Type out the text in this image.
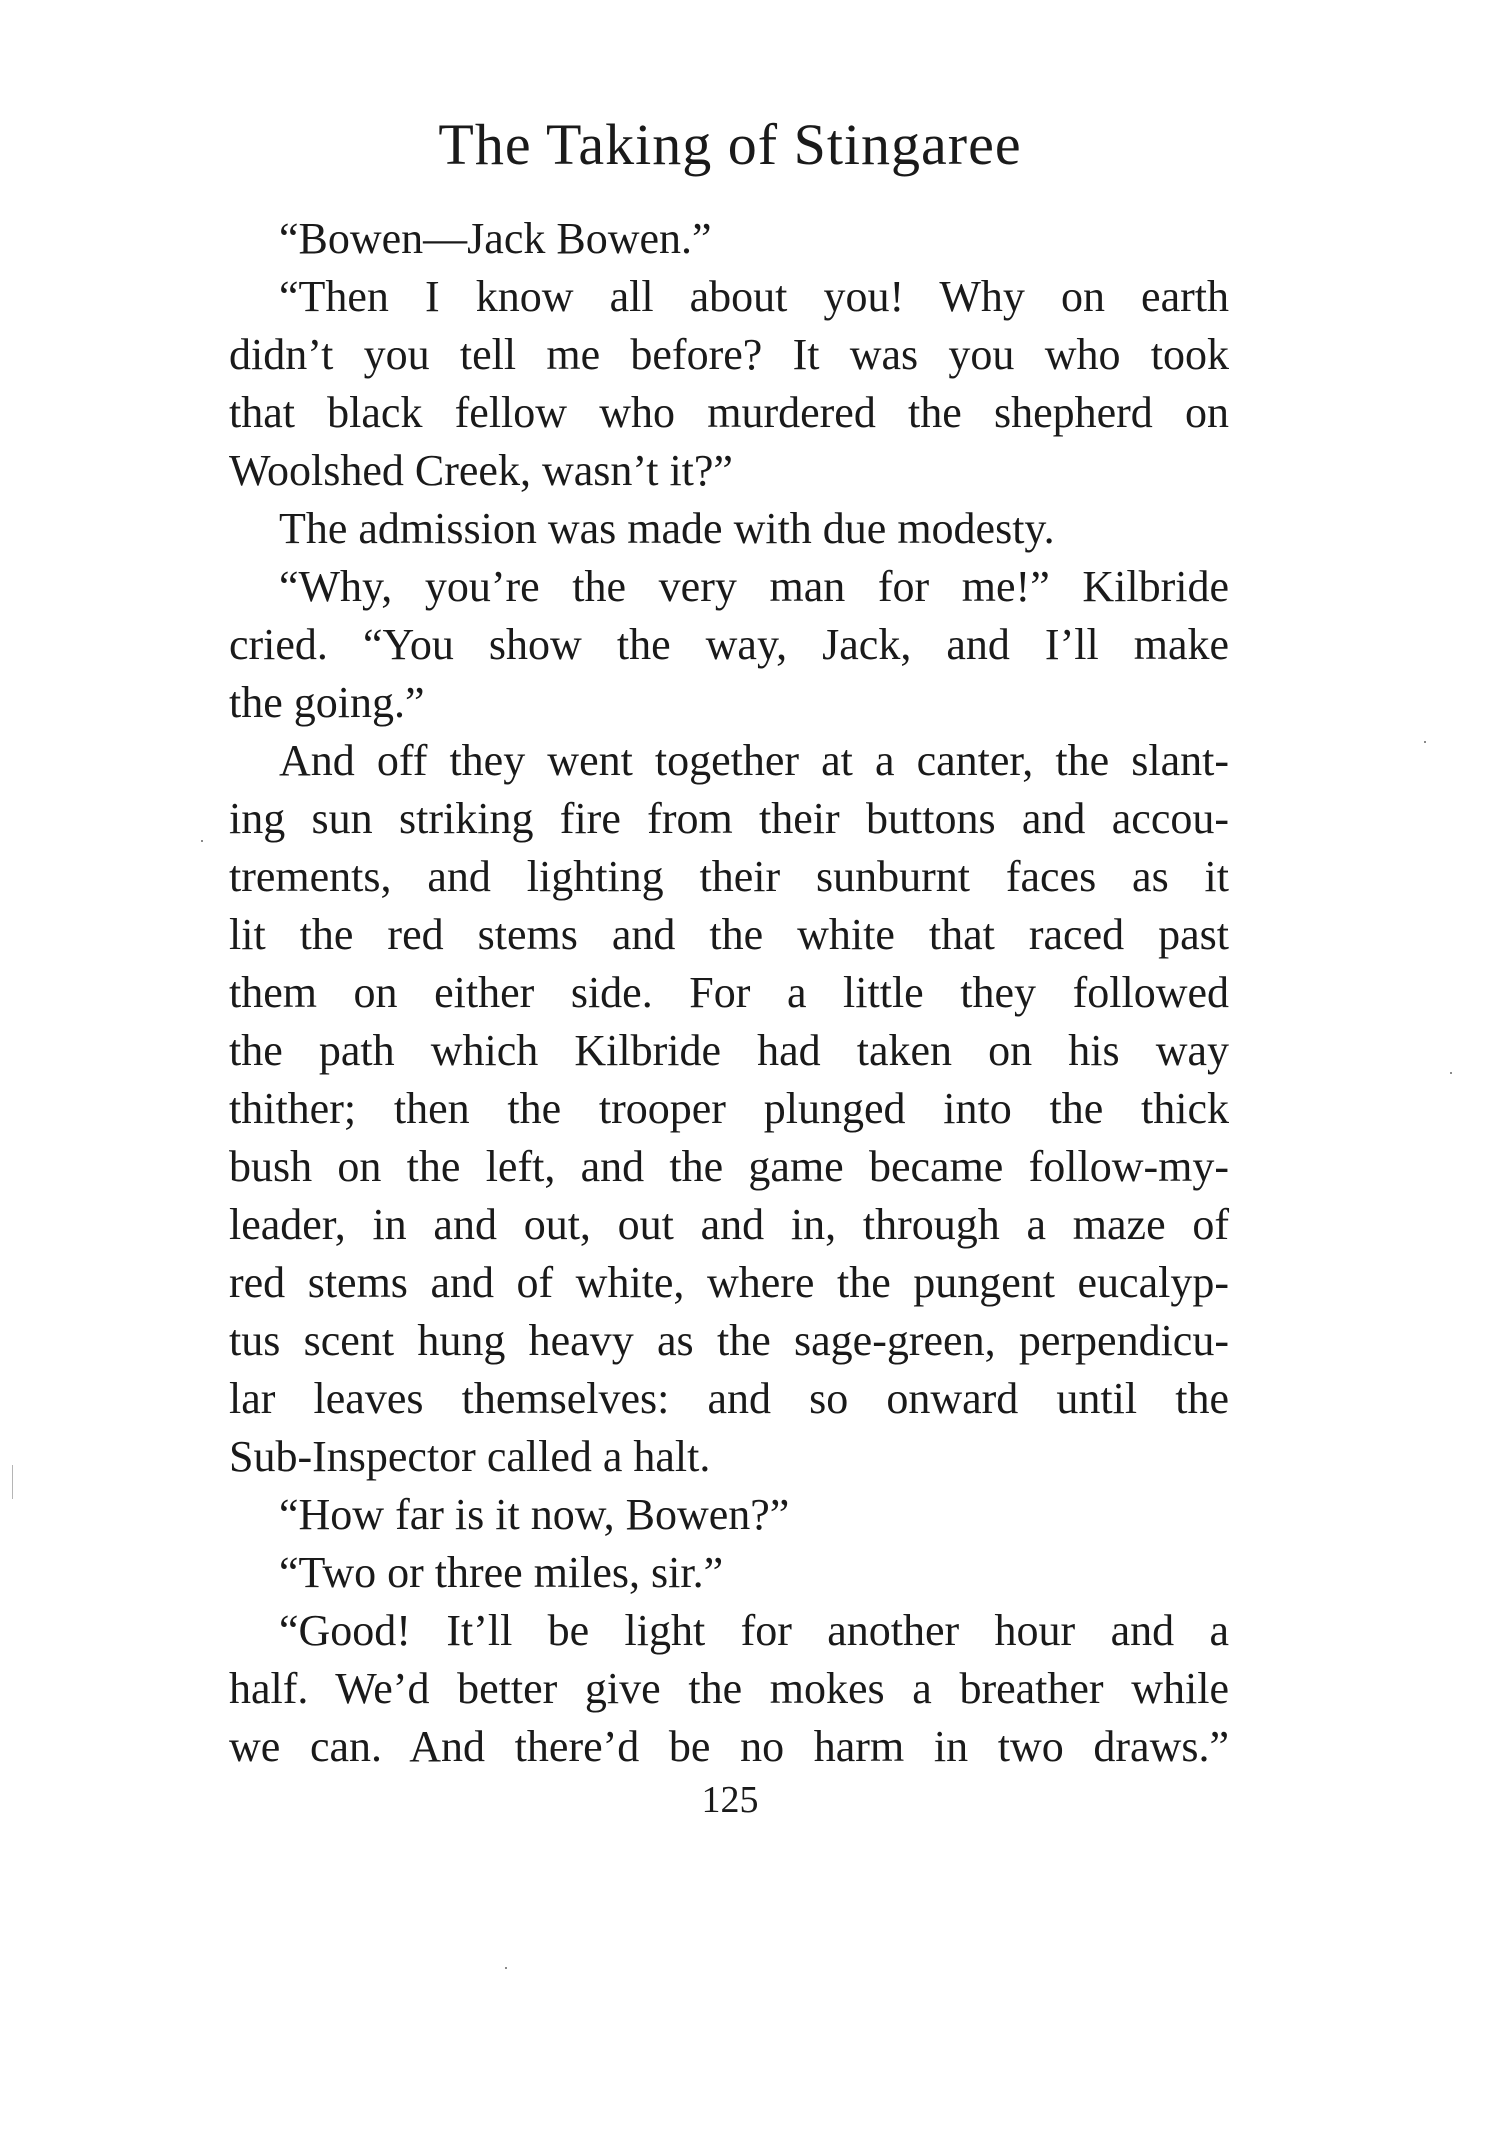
The Taking of Stingaree
“Bowen—Jack Bowen.”
“Then I know all about you! Why on earth
didn’t you tell me before? It was you who took
that black fellow who murdered the shepherd on
Woolshed Creek, wasn’t it?”
The admission was made with due modesty.
“Why, you’re the very man for me!” Kilbride
cried. “You show the way, Jack, and I’ll make
the going.”
And off they went together at a canter, the slant-
ing sun striking fire from their buttons and accou-
trements, and lighting their sunburnt faces as it
lit the red stems and the white that raced past
them on either side. For a little they followed
the path which Kilbride had taken on his way
thither; then the trooper plunged into the thick
bush on the left, and the game became follow-my-
leader, in and out, out and in, through a maze of
red stems and of white, where the pungent eucalyp-
tus scent hung heavy as the sage-green, perpendicu-
lar leaves themselves: and so onward until the
Sub-Inspector called a halt.
“How far is it now, Bowen?”
“Two or three miles, sir.”
“Good! It’ll be light for another hour and a
half. We’d better give the mokes a breather while
we can. And there’d be no harm in two draws.”
125
